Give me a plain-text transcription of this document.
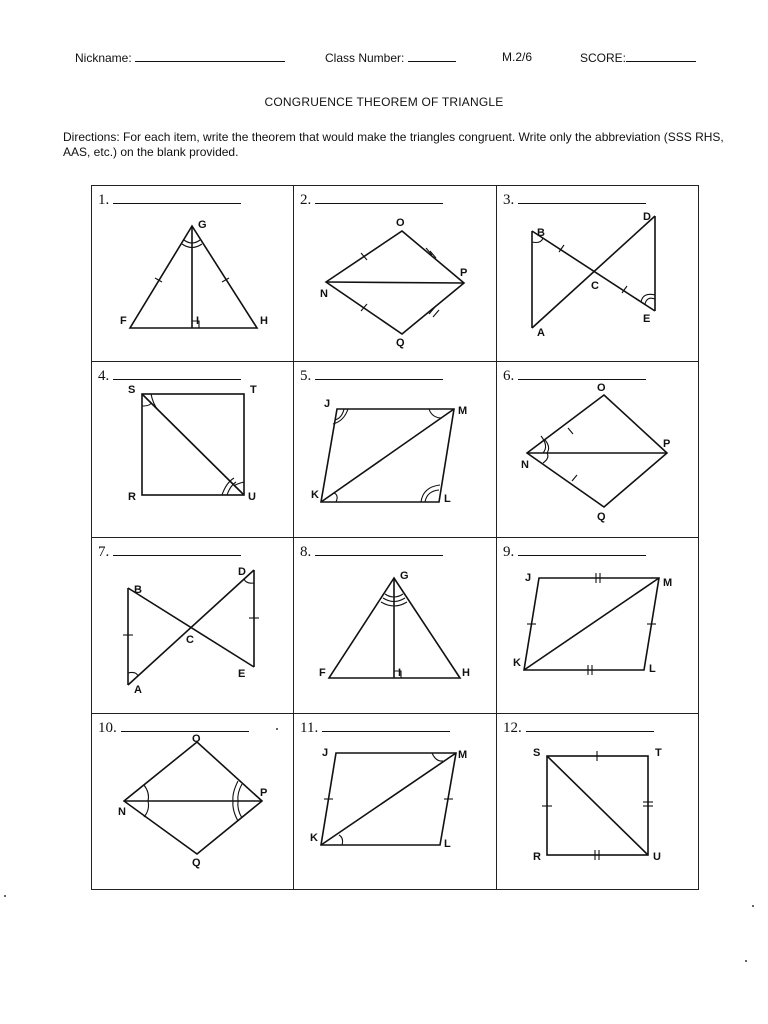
Nickname:	Class Number:	M.2/6	SCORE:
CONGRUENCE THEOREM OF TRIANGLE
Directions: For each item, write the theorem that would make the triangles congruent. Write only the abbreviation (SSS RHS, AAS, etc.) on the blank provided.
1.
G
F	I	H
2.
O
P
N
Q
3.
D
B
C
E
A
4.
S	T
R	U
5.
J
M
K	L
6.
O
P
N
Q
7.
D
B
C
E
A
8.
G
F	I	H
9.
J	M
K	L
10.
O
P
N
Q
11.
J	M
K	L
12.
S	T
R	U
